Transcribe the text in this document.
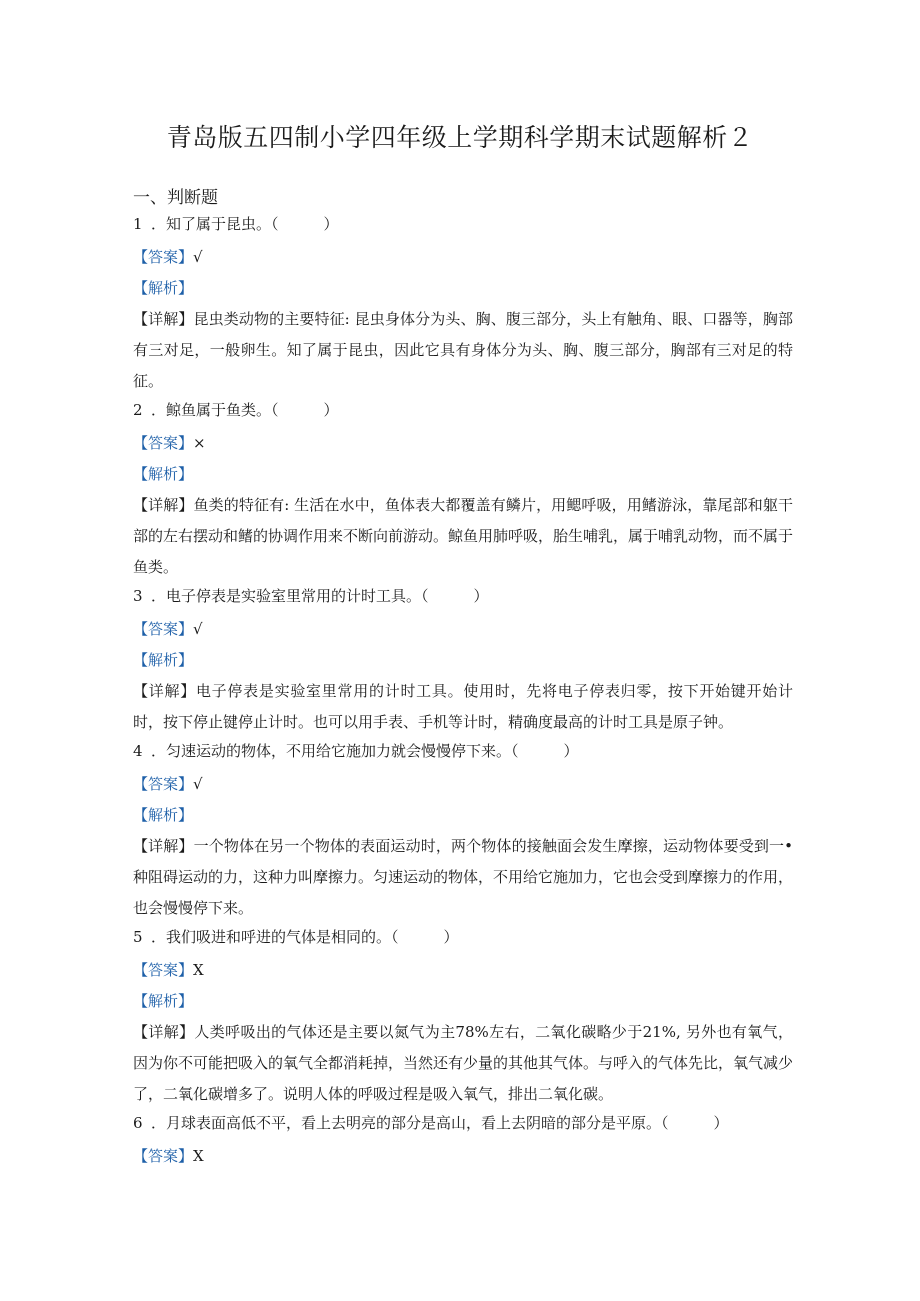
青岛版五四制小学四年级上学期科学期末试题解析２
一、判断题

1 ．知了属于昆虫。（　　　）

【答案】√

【解析】

【详解】昆虫类动物的主要特征: 昆虫身体分为头、胸、腹三部分，头上有触角、眼、口器等，胸部有三对足，一般卵生。知了属于昆虫，因此它具有身体分为头、胸、腹三部分，胸部有三对足的特征。

2 ．鲸鱼属于鱼类。（　　　）

【答案】×

【解析】

【详解】鱼类的特征有: 生活在水中，鱼体表大都覆盖有鳞片，用鳃呼吸，用鳍游泳，靠尾部和躯干部的左右摆动和鳍的协调作用来不断向前游动。鲸鱼用肺呼吸，胎生哺乳，属于哺乳动物，而不属于鱼类。

3 ．电子停表是实验室里常用的计时工具。（　　　）

【答案】√

【解析】

【详解】电子停表是实验室里常用的计时工具。使用时，先将电子停表归零，按下开始键开始计时，按下停止键停止计时。也可以用手表、手机等计时，精确度最高的计时工具是原子钟。

4 ．匀速运动的物体，不用给它施加力就会慢慢停下来。（　　　）

【答案】√

【解析】

【详解】一个物体在另一个物体的表面运动时，两个物体的接触面会发生摩擦，运动物体要受到一•种阻碍运动的力，这种力叫摩擦力。匀速运动的物体，不用给它施加力，它也会受到摩擦力的作用，也会慢慢停下来。

5 ．我们吸进和呼进的气体是相同的。（　　　）

【答案】X

【解析】

【详解】人类呼吸出的气体还是主要以氮气为主78%左右，二氧化碳略少于21%, 另外也有氧气，因为你不可能把吸入的氧气全都消耗掉，当然还有少量的其他其气体。与呼入的气体先比，氧气减少了，二氧化碳增多了。说明人体的呼吸过程是吸入氧气，排出二氧化碳。

6 ．月球表面高低不平，看上去明亮的部分是高山，看上去阴暗的部分是平原。（　　　）

【答案】X
